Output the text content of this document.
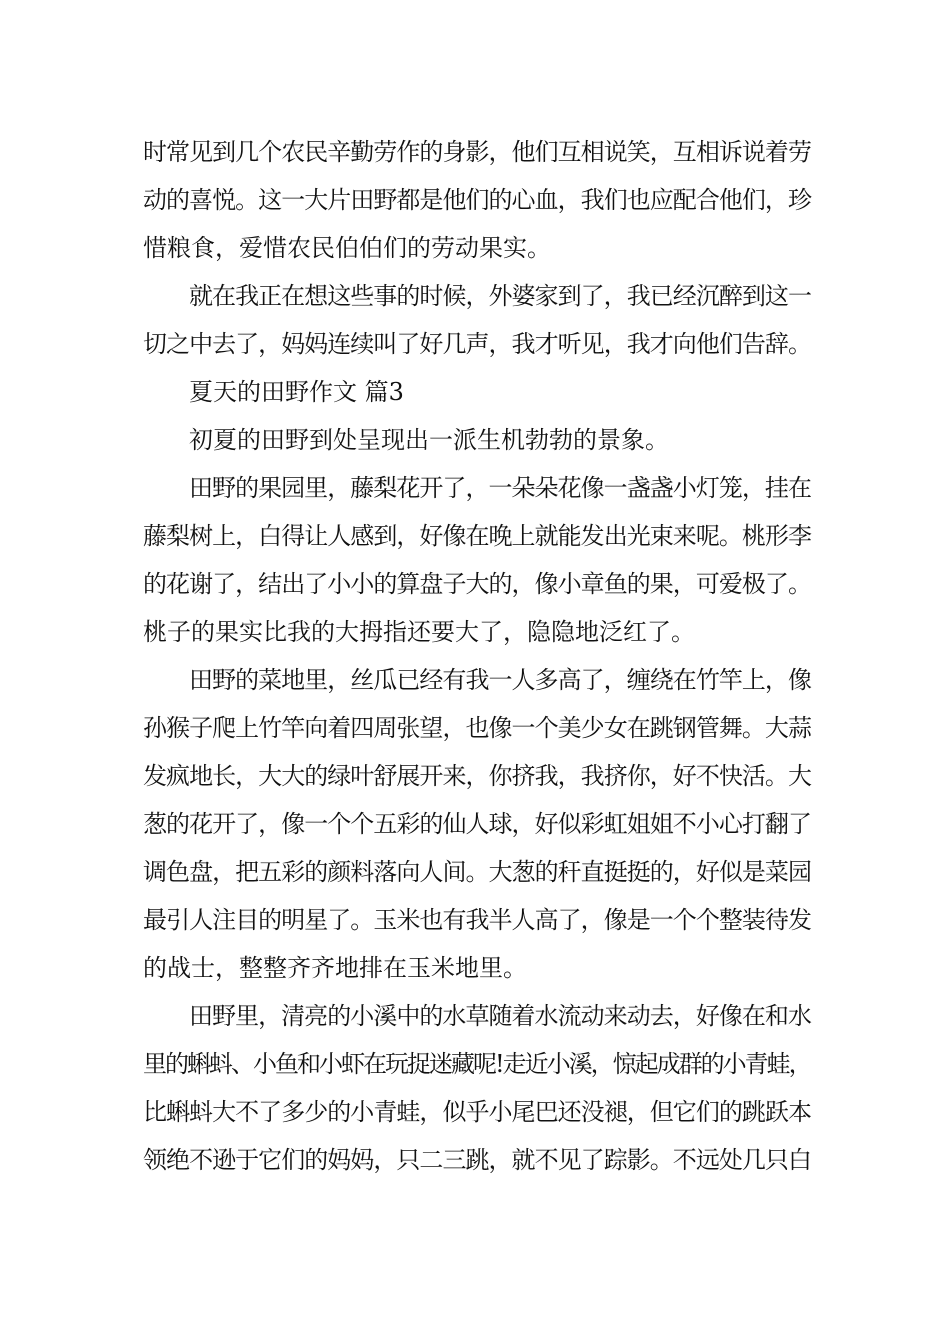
时常见到几个农民辛勤劳作的身影，他们互相说笑，互相诉说着劳
动的喜悦。这一大片田野都是他们的心血，我们也应配合他们，珍
惜粮食，爱惜农民伯伯们的劳动果实。
就在我正在想这些事的时候，外婆家到了，我已经沉醉到这一
切之中去了，妈妈连续叫了好几声，我才听见，我才向他们告辞。
夏天的田野作文 篇3
初夏的田野到处呈现出一派生机勃勃的景象。
田野的果园里，藤梨花开了，一朵朵花像一盏盏小灯笼，挂在
藤梨树上，白得让人感到，好像在晚上就能发出光束来呢。桃形李
的花谢了，结出了小小的算盘子大的，像小章鱼的果，可爱极了。
桃子的果实比我的大拇指还要大了，隐隐地泛红了。
田野的菜地里，丝瓜已经有我一人多高了，缠绕在竹竿上，像
孙猴子爬上竹竿向着四周张望，也像一个美少女在跳钢管舞。大蒜
发疯地长，大大的绿叶舒展开来，你挤我，我挤你，好不快活。大
葱的花开了，像一个个五彩的仙人球，好似彩虹姐姐不小心打翻了
调色盘，把五彩的颜料落向人间。大葱的秆直挺挺的，好似是菜园
最引人注目的明星了。玉米也有我半人高了，像是一个个整装待发
的战士，整整齐齐地排在玉米地里。
田野里，清亮的小溪中的水草随着水流动来动去，好像在和水
里的蝌蚪、小鱼和小虾在玩捉迷藏呢!走近小溪，惊起成群的小青蛙，
比蝌蚪大不了多少的小青蛙，似乎小尾巴还没褪，但它们的跳跃本
领绝不逊于它们的妈妈，只二三跳，就不见了踪影。不远处几只白
